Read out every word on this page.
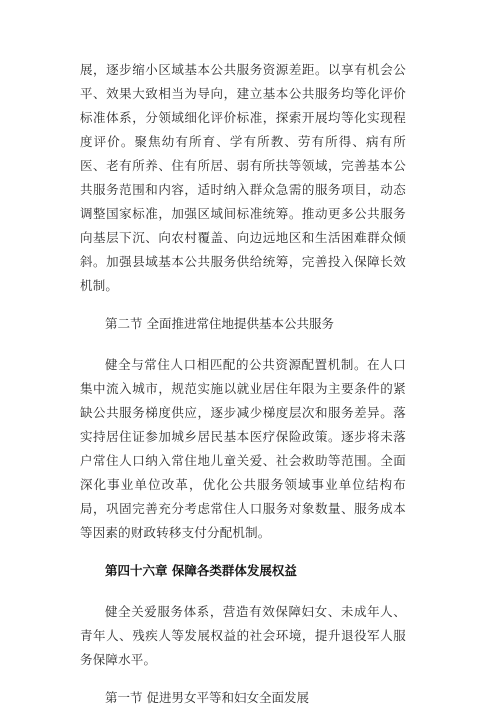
展，逐步缩小区域基本公共服务资源差距。以享有机会公平、效果大致相当为导向，建立基本公共服务均等化评价标准体系，分领域细化评价标准，探索开展均等化实现程度评价。聚焦幼有所育、学有所教、劳有所得、病有所医、老有所养、住有所居、弱有所扶等领域，完善基本公共服务范围和内容，适时纳入群众急需的服务项目，动态调整国家标准，加强区域间标准统筹。推动更多公共服务向基层下沉、向农村覆盖、向边远地区和生活困难群众倾斜。加强县域基本公共服务供给统筹，完善投入保障长效机制。

第二节 全面推进常住地提供基本公共服务

健全与常住人口相匹配的公共资源配置机制。在人口集中流入城市，规范实施以就业居住年限为主要条件的紧缺公共服务梯度供应，逐步减少梯度层次和服务差异。落实持居住证参加城乡居民基本医疗保险政策。逐步将未落户常住人口纳入常住地儿童关爱、社会救助等范围。全面深化事业单位改革，优化公共服务领域事业单位结构布局，巩固完善充分考虑常住人口服务对象数量、服务成本等因素的财政转移支付分配机制。

第四十六章 保障各类群体发展权益

健全关爱服务体系，营造有效保障妇女、未成年人、青年人、残疾人等发展权益的社会环境，提升退役军人服务保障水平。

第一节 促进男女平等和妇女全面发展
